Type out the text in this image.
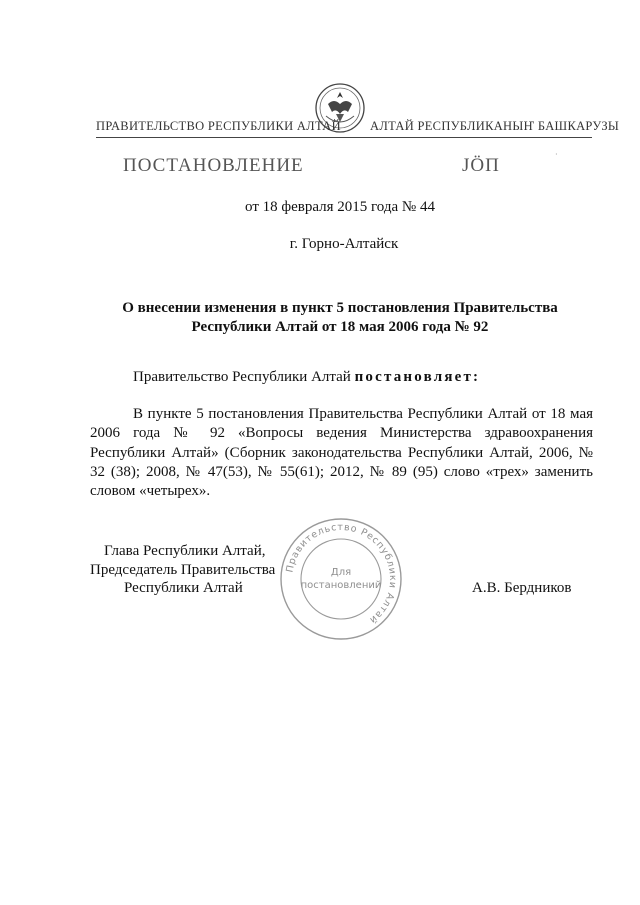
ПРАВИТЕЛЬСТВО РЕСПУБЛИКИ АЛТАЙ АЛТАЙ РЕСПУБЛИКАНЫҤ БАШКАРУЗЫ
ПОСТАНОВЛЕНИЕ	JӦП
·
от 18 февраля 2015 года № 44
г. Горно-Алтайск
О внесении изменения в пункт 5 постановления Правительства Республики Алтай от 18 мая 2006 года № 92
Правительство Республики Алтай постановляет:

В пункте 5 постановления Правительства Республики Алтай от 18 мая 2006 года № 92 «Вопросы ведения Министерства здравоохранения Республики Алтай» (Сборник законодательства Республики Алтай, 2006, № 32 (38); 2008, № 47(53), № 55(61); 2012, № 89 (95) слово «трех» заменить словом «четырех».

Глава Республики Алтай,
Председатель Правительства
Республики Алтай
Правительство Республики Алтай
Для
постановлений	А.В. Бердников
